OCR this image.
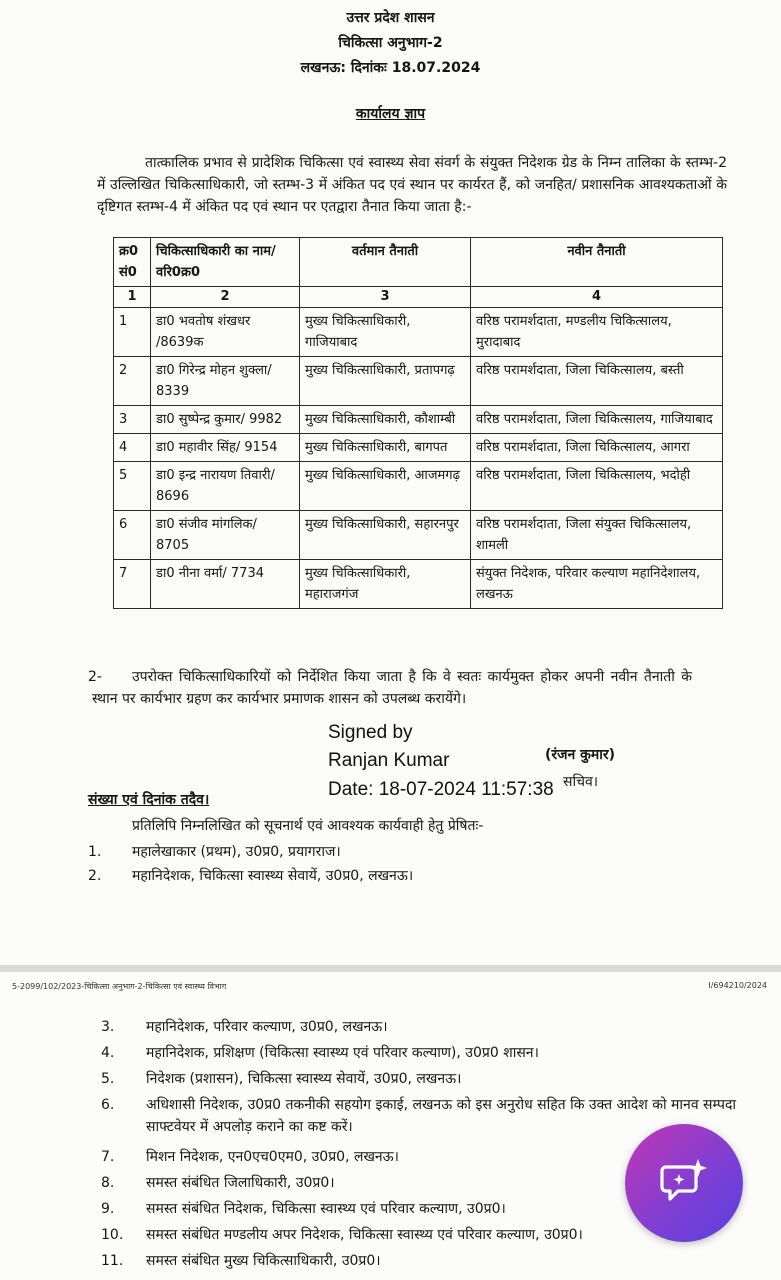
उत्तर प्रदेश शासन
चिकित्सा अनुभाग-2
लखनऊ: दिनांकः 18.07.2024
कार्यालय ज्ञाप
तात्कालिक प्रभाव से प्रादेशिक चिकित्सा एवं स्वास्थ्य सेवा संवर्ग के संयुक्त निदेशक ग्रेड के निम्न तालिका के स्तम्भ-2 में उल्लिखित चिकित्साधिकारी, जो स्तम्भ-3 में अंकित पद एवं स्थान पर कार्यरत हैं, को जनहित/ प्रशासनिक आवश्यकताओं के दृष्टिगत स्तम्भ-4 में अंकित पद एवं स्थान पर एतद्वारा तैनात किया जाता है:-
क्र0 सं0	चिकित्साधिकारी का नाम/ वरि0क्र0	वर्तमान तैनाती	नवीन तैनाती
1	2	3	4
1	डा0 भवतोष शंखधर /8639क	मुख्य चिकित्साधिकारी, गाजियाबाद	वरिष्ठ परामर्शदाता, मण्डलीय चिकित्सालय, मुरादाबाद
2	डा0 गिरेन्द्र मोहन शुक्ला/ 8339	मुख्य चिकित्साधिकारी, प्रतापगढ़	वरिष्ठ परामर्शदाता, जिला चिकित्सालय, बस्ती
3	डा0 सुष्पेन्द्र कुमार/ 9982	मुख्य चिकित्साधिकारी, कौशाम्बी	वरिष्ठ परामर्शदाता, जिला चिकित्सालय, गाजियाबाद
4	डा0 महावीर सिंह/ 9154	मुख्य चिकित्साधिकारी, बागपत	वरिष्ठ परामर्शदाता, जिला चिकित्सालय, आगरा
5	डा0 इन्द्र नारायण तिवारी/ 8696	मुख्य चिकित्साधिकारी, आजमगढ़	वरिष्ठ परामर्शदाता, जिला चिकित्सालय, भदोही
6	डा0 संजीव मांगलिक/ 8705	मुख्य चिकित्साधिकारी, सहारनपुर	वरिष्ठ परामर्शदाता, जिला संयुक्त चिकित्सालय, शामली
7	डा0 नीना वर्मा/ 7734	मुख्य चिकित्साधिकारी, महाराजगंज	संयुक्त निदेशक, परिवार कल्याण महानिदेशालय, लखनऊ
2-	उपरोक्त चिकित्साधिकारियों को निर्देशित किया जाता है कि वे स्वतः कार्यमुक्त होकर अपनी नवीन तैनाती के स्थान पर कार्यभार ग्रहण कर कार्यभार प्रमाणक शासन को उपलब्ध करायेंगे।
Signed by
Ranjan Kumar
Date: 18-07-2024 11:57:38
(रंजन कुमार)
सचिव।
संख्या एवं दिनांक तदैव।
प्रतिलिपि निम्नलिखित को सूचनार्थ एवं आवश्यक कार्यवाही हेतु प्रेषितः-
1. महालेखाकार (प्रथम), उ0प्र0, प्रयागराज।
2. महानिदेशक, चिकित्सा स्वास्थ्य सेवायें, उ0प्र0, लखनऊ।
5-2099/102/2023-चिकित्सा अनुभाग-2-चिकित्सा एवं स्वास्थ्य विभाग	I/694210/2024
3. महानिदेशक, परिवार कल्याण, उ0प्र0, लखनऊ।
4. महानिदेशक, प्रशिक्षण (चिकित्सा स्वास्थ्य एवं परिवार कल्याण), उ0प्र0 शासन।
5. निदेशक (प्रशासन), चिकित्सा स्वास्थ्य सेवायें, उ0प्र0, लखनऊ।
6. अधिशासी निदेशक, उ0प्र0 तकनीकी सहयोग इकाई, लखनऊ को इस अनुरोध सहित कि उक्त आदेश को मानव सम्पदा साफ्टवेयर में अपलोड़ कराने का कष्ट करें।
7. मिशन निदेशक, एन0एच0एम0, उ0प्र0, लखनऊ।
8. समस्त संबंधित जिलाधिकारी, उ0प्र0।
9. समस्त संबंधित निदेशक, चिकित्सा स्वास्थ्य एवं परिवार कल्याण, उ0प्र0।
10. समस्त संबंधित मण्डलीय अपर निदेशक, चिकित्सा स्वास्थ्य एवं परिवार कल्याण, उ0प्र0।
11. समस्त संबंधित मुख्य चिकित्साधिकारी, उ0प्र0।
